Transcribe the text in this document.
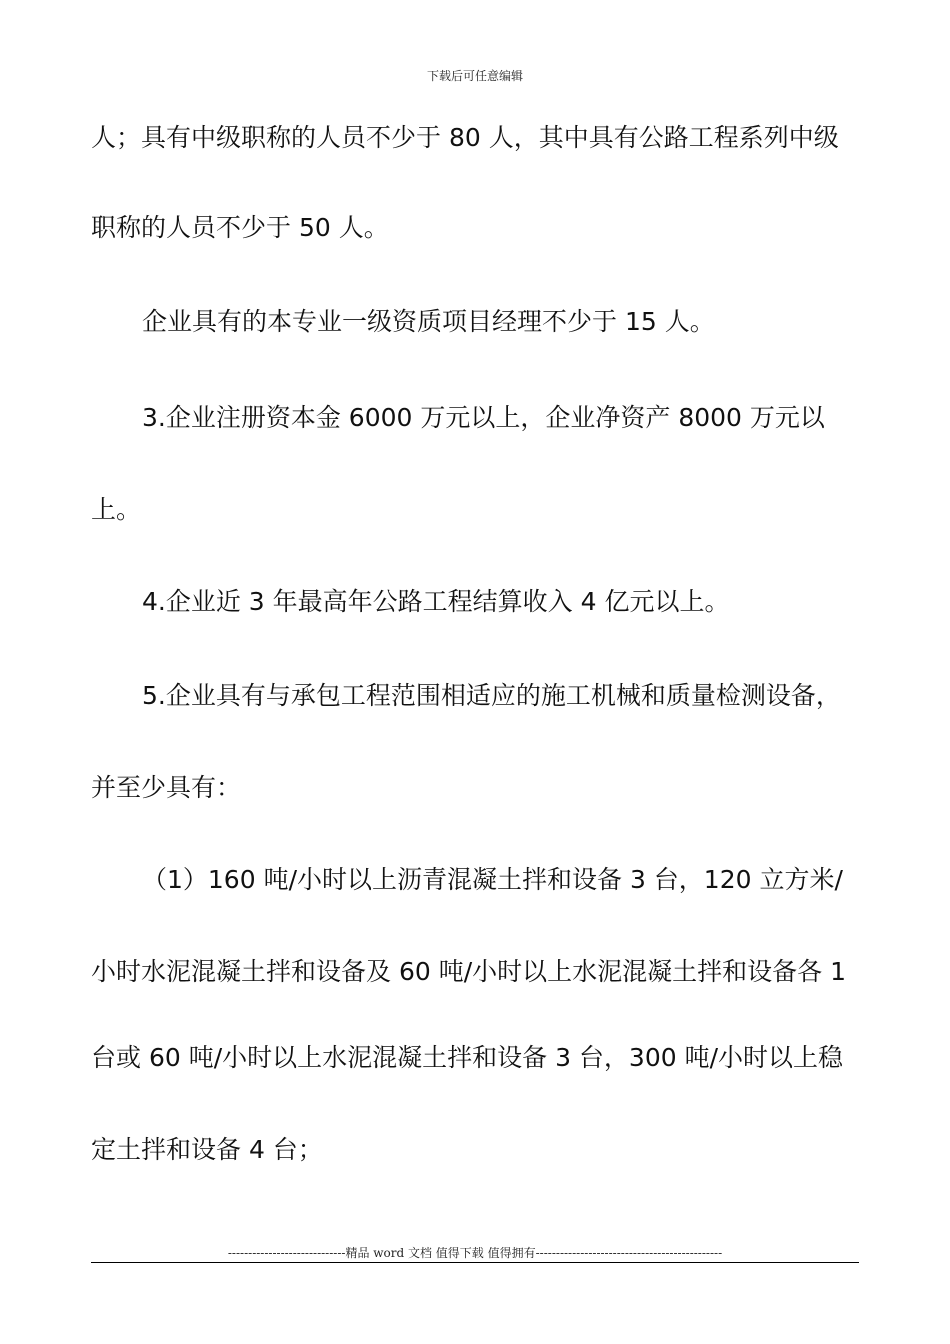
下载后可任意编辑
人；具有中级职称的人员不少于 80 人，其中具有公路工程系列中级
职称的人员不少于 50 人。
企业具有的本专业一级资质项目经理不少于 15 人。
3.企业注册资本金 6000 万元以上，企业净资产 8000 万元以
上。
4.企业近 3 年最高年公路工程结算收入 4 亿元以上。
5.企业具有与承包工程范围相适应的施工机械和质量检测设备，
并至少具有：
（1）160 吨/小时以上沥青混凝土拌和设备 3 台，120 立方米/
小时水泥混凝土拌和设备及 60 吨/小时以上水泥混凝土拌和设备各 1
台或 60 吨/小时以上水泥混凝土拌和设备 3 台，300 吨/小时以上稳
定土拌和设备 4 台；
-----------------------------精品 word 文档 值得下载 值得拥有----------------------------------------------
